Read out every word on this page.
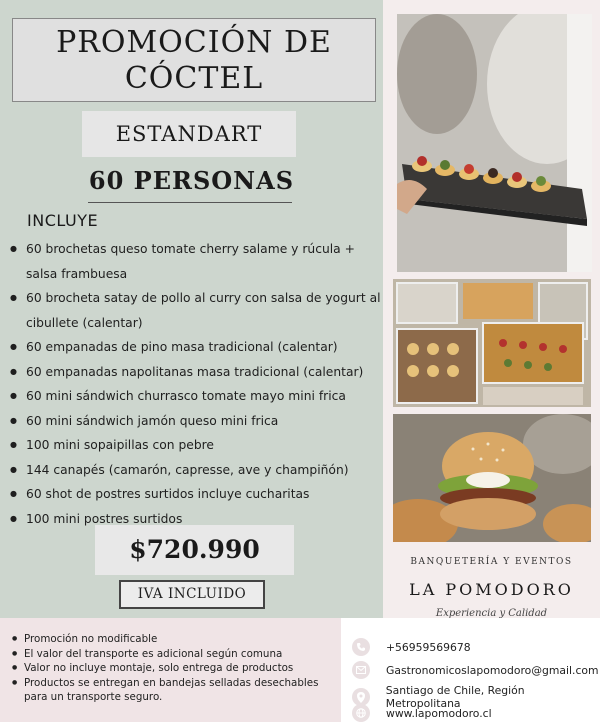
PROMOCIÓN DE
CÓCTEL
ESTANDART
60 PERSONAS
INCLUYE
● 60 brochetas queso tomate cherry salame y rúcula + salsa frambuesa
● 60 brocheta satay de pollo al curry con salsa de yogurt al cibullete (calentar)
● 60 empanadas de pino masa tradicional (calentar)
● 60 empanadas napolitanas masa tradicional (calentar)
● 60 mini sándwich churrasco tomate mayo mini frica
● 60 mini sándwich jamón queso mini frica
● 100 mini sopaipillas con pebre
● 144 canapés (camarón, capresse, ave y champiñón)
● 60 shot de postres surtidos incluye cucharitas
● 100 mini postres surtidos
$720.990
IVA INCLUIDO
BANQUETERÍA Y EVENTOS
LA POMODORO
Experiencia y Calidad
● Promoción no modificable
● El valor del transporte es adicional según comuna
● Valor no incluye montaje, solo entrega de productos
● Productos se entregan en bandejas selladas desechables para un transporte seguro.
+56959569678
Gastronomicoslapomodoro@gmail.com
Santiago de Chile, Región Metropolitana
www.lapomodoro.cl
